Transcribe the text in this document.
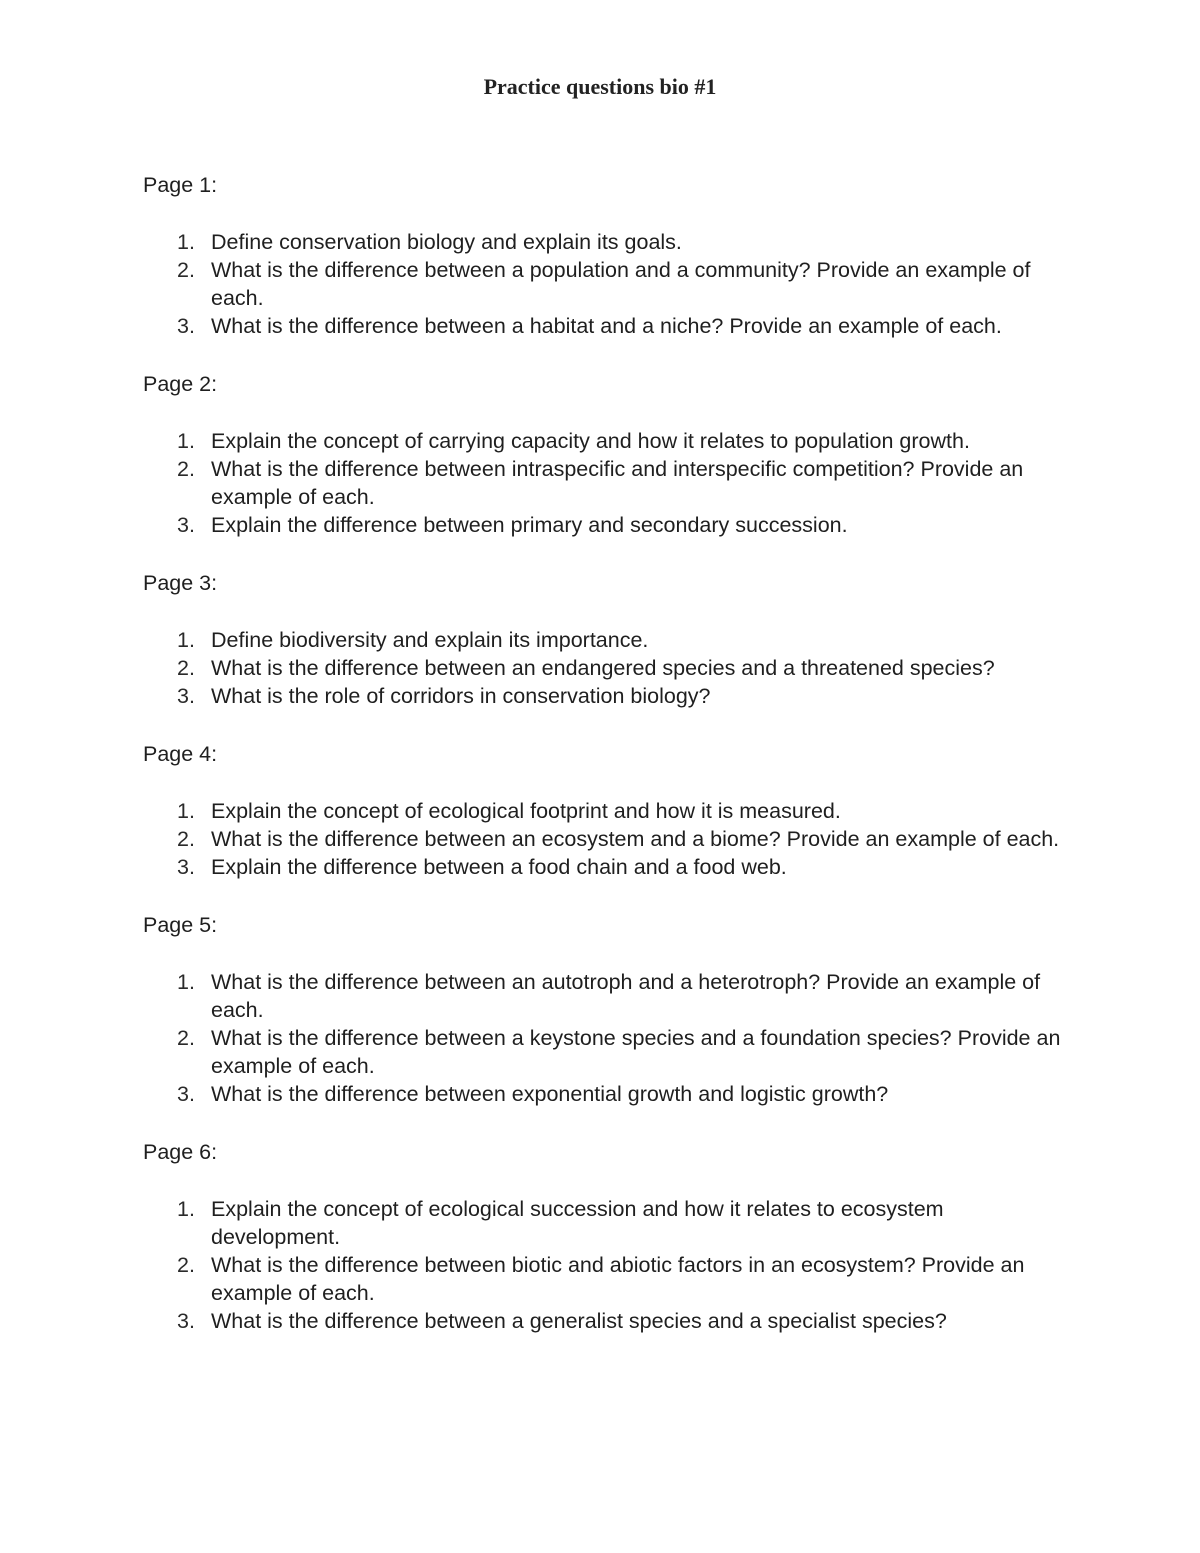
Practice questions bio #1
Page 1:
1. Define conservation biology and explain its goals.
2. What is the difference between a population and a community? Provide an example of each.
3. What is the difference between a habitat and a niche? Provide an example of each.
Page 2:
1. Explain the concept of carrying capacity and how it relates to population growth.
2. What is the difference between intraspecific and interspecific competition? Provide an example of each.
3. Explain the difference between primary and secondary succession.
Page 3:
1. Define biodiversity and explain its importance.
2. What is the difference between an endangered species and a threatened species?
3. What is the role of corridors in conservation biology?
Page 4:
1. Explain the concept of ecological footprint and how it is measured.
2. What is the difference between an ecosystem and a biome? Provide an example of each.
3. Explain the difference between a food chain and a food web.
Page 5:
1. What is the difference between an autotroph and a heterotroph? Provide an example of each.
2. What is the difference between a keystone species and a foundation species? Provide an example of each.
3. What is the difference between exponential growth and logistic growth?
Page 6:
1. Explain the concept of ecological succession and how it relates to ecosystem development.
2. What is the difference between biotic and abiotic factors in an ecosystem? Provide an example of each.
3. What is the difference between a generalist species and a specialist species?
